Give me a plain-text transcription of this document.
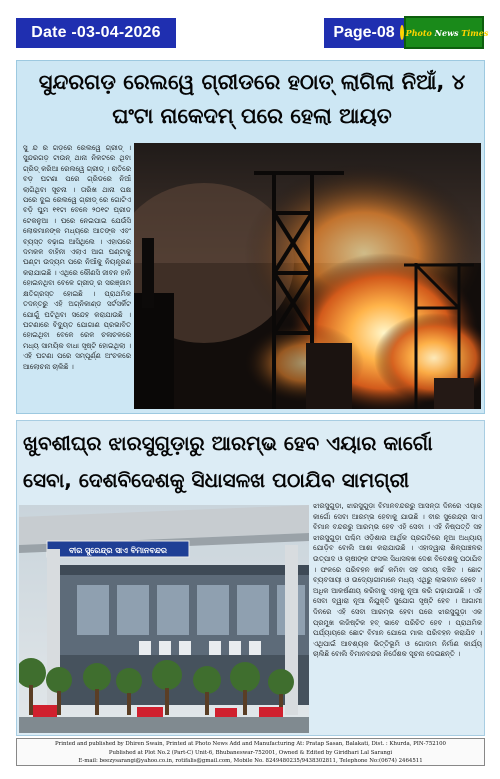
Date -03-04-2026	Page-08	Photo News Times
ସୁନ୍ଦରଗଡ଼ ରେଲୱେ ଗ୍ରୀଡରେ ହଠାତ୍ ଲାଗିଲା ନିଆଁ, ୪ ଘଂଟା ନାକେଦମ୍ ପରେ ହେଲା ଆୟତ
ସୁ ନ୍ଦ ର ଗଡ଼ରେ ରେଲୱେ ଗ୍ରୀଡ୍ । ସୁନ୍ଦରଗଡ଼ ଟାଉନ୍ ଥାନା ନିକଟରେ ଥିବା ଗ୍ରିଡ୍ କରିଆ ରେଲୱେ ଗ୍ରୀଡ୍ । ରାତିରେ ବଡ଼ ଘଟଣା ପରେ ଗ୍ରିଡରେ ନିଆଁ ଲାଗିଥିବା ସୂଚନା । ତାରିଖ ଥାନା ପକ୍ଷ ପରେ ଦୁଇ ରେଲୱେ ଗ୍ରୀଡ୍ ରେ ଗୋଟିଏ ବଡ଼ି ଘୁମ ୧୧ଟା ବେଳେ ୨୦୧ଟ ଘ୍ରୀଡ ଟେକନୁଆ । ଘରେ ନେଇପାଇ ଯେଉଁସି ଲୋକମାନଙ୍କ ମଧ୍ୟରେ ଆତଙ୍କ ଏବଂ ବ୍ୟସ୍ତ ବଢ଼ାଇ ଆସିଥିଲେ । ଏହାପରେ ଦମକଳ ବାହିନୀ ଏଲାଏ ଆଗ ଘଣ୍ଟାକୁ ଘଣ୍ଟା ଉଦ୍ୟମ ପରେ ନିଆଁକୁ ନିୟନ୍ତ୍ରଣ କରାଯାଇଛି । ଏଥିରେ କୌଣସି ଜୀବନ ହାନି ହୋଇନଥିବା ବେଳେ ଗ୍ରୀଡ୍ ର ସରଞ୍ଜାମ କ୍ଷତିଗ୍ରସ୍ତ ହୋଇଛି । ପ୍ରାଥମିକ ତଦନ୍ତରୁ ଏହି ଅଗ୍ନିକାଣ୍ଡ ସର୍ଟସର୍କିଟ ଯୋଗୁଁ ଘଟିଥିବା ସନ୍ଦେହ କରାଯାଉଛି । ଘଟଣାରେ ବିଦ୍ୟୁତ ଯୋଗାଣ ପ୍ରଭାବିତ ହୋଇଥିବା ବେଳେ ରେଳ ଚଳାଚଳରେ ମଧ୍ୟ ସାମୟିକ ବାଧା ସୃଷ୍ଟି ହୋଇଥିଲା । ଏହି ଘଟଣା ପରେ ସମ୍ପୂର୍ଣ୍ଣ ଅଂଚଳରେ ଆଲୋଚନା ଚାଲିଛି ।
ଖୁବଶୀଘ୍ର ଝାରସୁଗୁଡ଼ାରୁ ଆରମ୍ଭ ହେବ ଏୟାର କାର୍ଗୋ ସେବା, ଦେଶବିଦେଶକୁ ସିଧାସଳଖ ପଠାଯିବ ସାମଗ୍ରୀ
ବୀର ସୁରେନ୍ଦ୍ର ସାଏ ବିମାନବନ୍ଦର
ଝାରସୁଗୁଡ଼ା, ଝାରସୁଗୁଡ଼ା ବିମାନବନ୍ଦରରୁ ଆସନ୍ତା ଦିନରେ ଏୟାର କାର୍ଗୋ ସେବା ଆରମ୍ଭ ହେବାକୁ ଯାଉଛି । ବୀର ସୁରେନ୍ଦ୍ର ସାଏ ବିମାନ ବନ୍ଦରରୁ ଆରମ୍ଭ ହେବ ଏହି ସେବା । ଏହି ନିଷ୍ପତ୍ତି ସହ ଝାରସୁଗୁଡ଼ା ପଶ୍ଚିମ ଓଡ଼ିଶାର ଆର୍ଥିକ ପ୍ରଗତିରେ ନୂଆ ଅଧ୍ୟାୟ ଯୋଡ଼ିବ ବୋଲି ଆଶା କରାଯାଉଛି । ଏହାଦ୍ୱାରା ଶିଳ୍ପାଞ୍ଚଳର ଉତ୍ପାଦ ଓ ଚାଷୀଙ୍କ ଫସଲ ସିଧାସଳଖ ଦେଶ ବିଦେଶକୁ ପଠାଯିବ । ଫଳରେ ପରିବହନ ଖର୍ଚ୍ଚ କମିବା ସହ ସମୟ ବଞ୍ଚିବ । ଛୋଟ ବ୍ୟବସାୟୀ ଓ ଉଦ୍ୟୋଗୀମାନେ ମଧ୍ୟ ଏଥିରୁ ଲାଭବାନ ହେବେ । ଅଧିକ ଆକର୍ଷଣୀୟ କରିବାକୁ ଏହାକୁ ନୂଆ କରି ଗଢ଼ାଯାଉଛି । ଏହି ସେବା ଦ୍ୱାରା ନୂଆ ନିଯୁକ୍ତି ସୁଯୋଗ ସୃଷ୍ଟି ହେବ । ଆଗାମୀ ଦିନରେ ଏହି ସେବା ଆରମ୍ଭ ହେବା ପରେ ଝାରସୁଗୁଡ଼ା ଏକ ପ୍ରମୁଖ ଲଜିଷ୍ଟିକ ହବ୍ ଭାବେ ପରିଚିତ ହେବ । ପ୍ରାଥମିକ ପର୍ଯ୍ୟାୟରେ ଛୋଟ ବିମାନ ଯୋଗେ ମାଲ ପରିବହନ କରାଯିବ । ଏଥିପାଇଁ ଆବଶ୍ୟକ ଭିତ୍ତିଭୂମି ଓ ଗୋଦାମ ନିର୍ମାଣ କାର୍ଯ୍ୟ ଚାଲିଛି ବୋଲି ବିମାନବନ୍ଦର ନିର୍ଦ୍ଦେଶକ ସୂଚନା ଦେଇଛନ୍ତି ।
Printed and published by Dhiren Swain, Printed at Photo News Add and Manufacturing At: Pratap Sasan, Balakati, Dist. : Khurda, PIN-752100
Published at Plot No.2 (Part-C) Unit-6, Bhubaneswar-752001, Owned & Edited by Giridhari Lal Sarangi
E-mail: beezysarangi@yahoo.co.in, rotifalis@gmail.com, Mobile No. 8249480235/9438302811, Telephone No:(0674) 2464511
